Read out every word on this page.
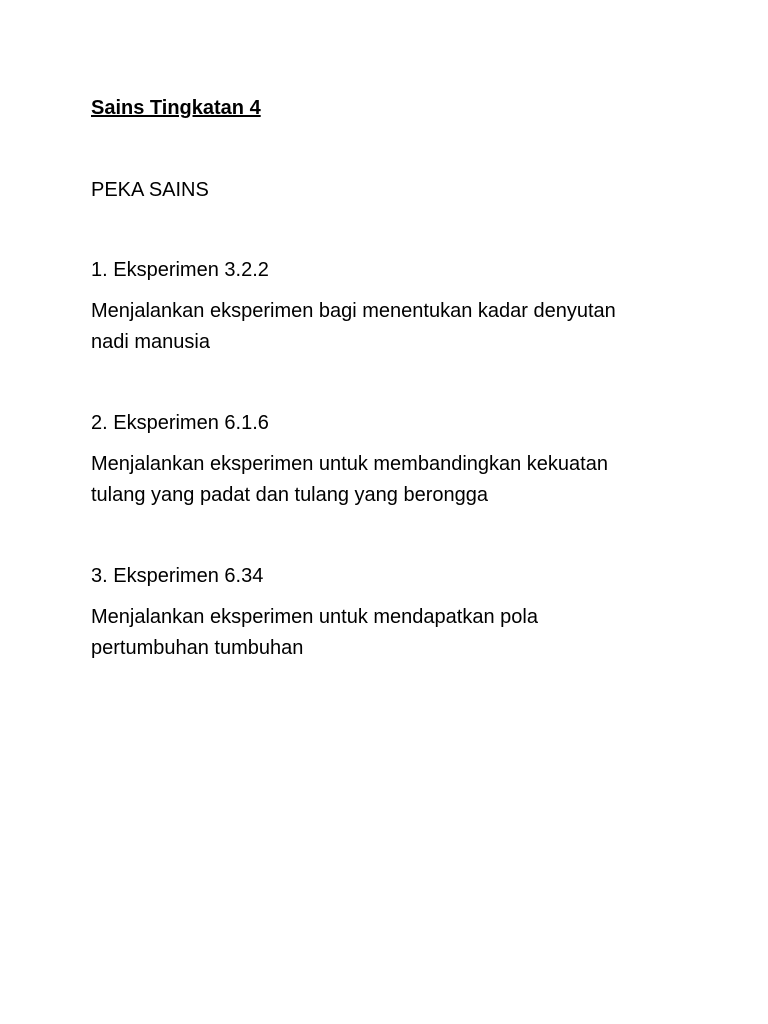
Sains Tingkatan 4

PEKA SAINS

1. Eksperimen 3.2.2

Menjalankan eksperimen bagi menentukan kadar denyutan nadi manusia

2. Eksperimen 6.1.6

Menjalankan eksperimen untuk membandingkan kekuatan tulang yang padat dan tulang yang berongga

3. Eksperimen 6.34

Menjalankan eksperimen untuk mendapatkan pola pertumbuhan tumbuhan
